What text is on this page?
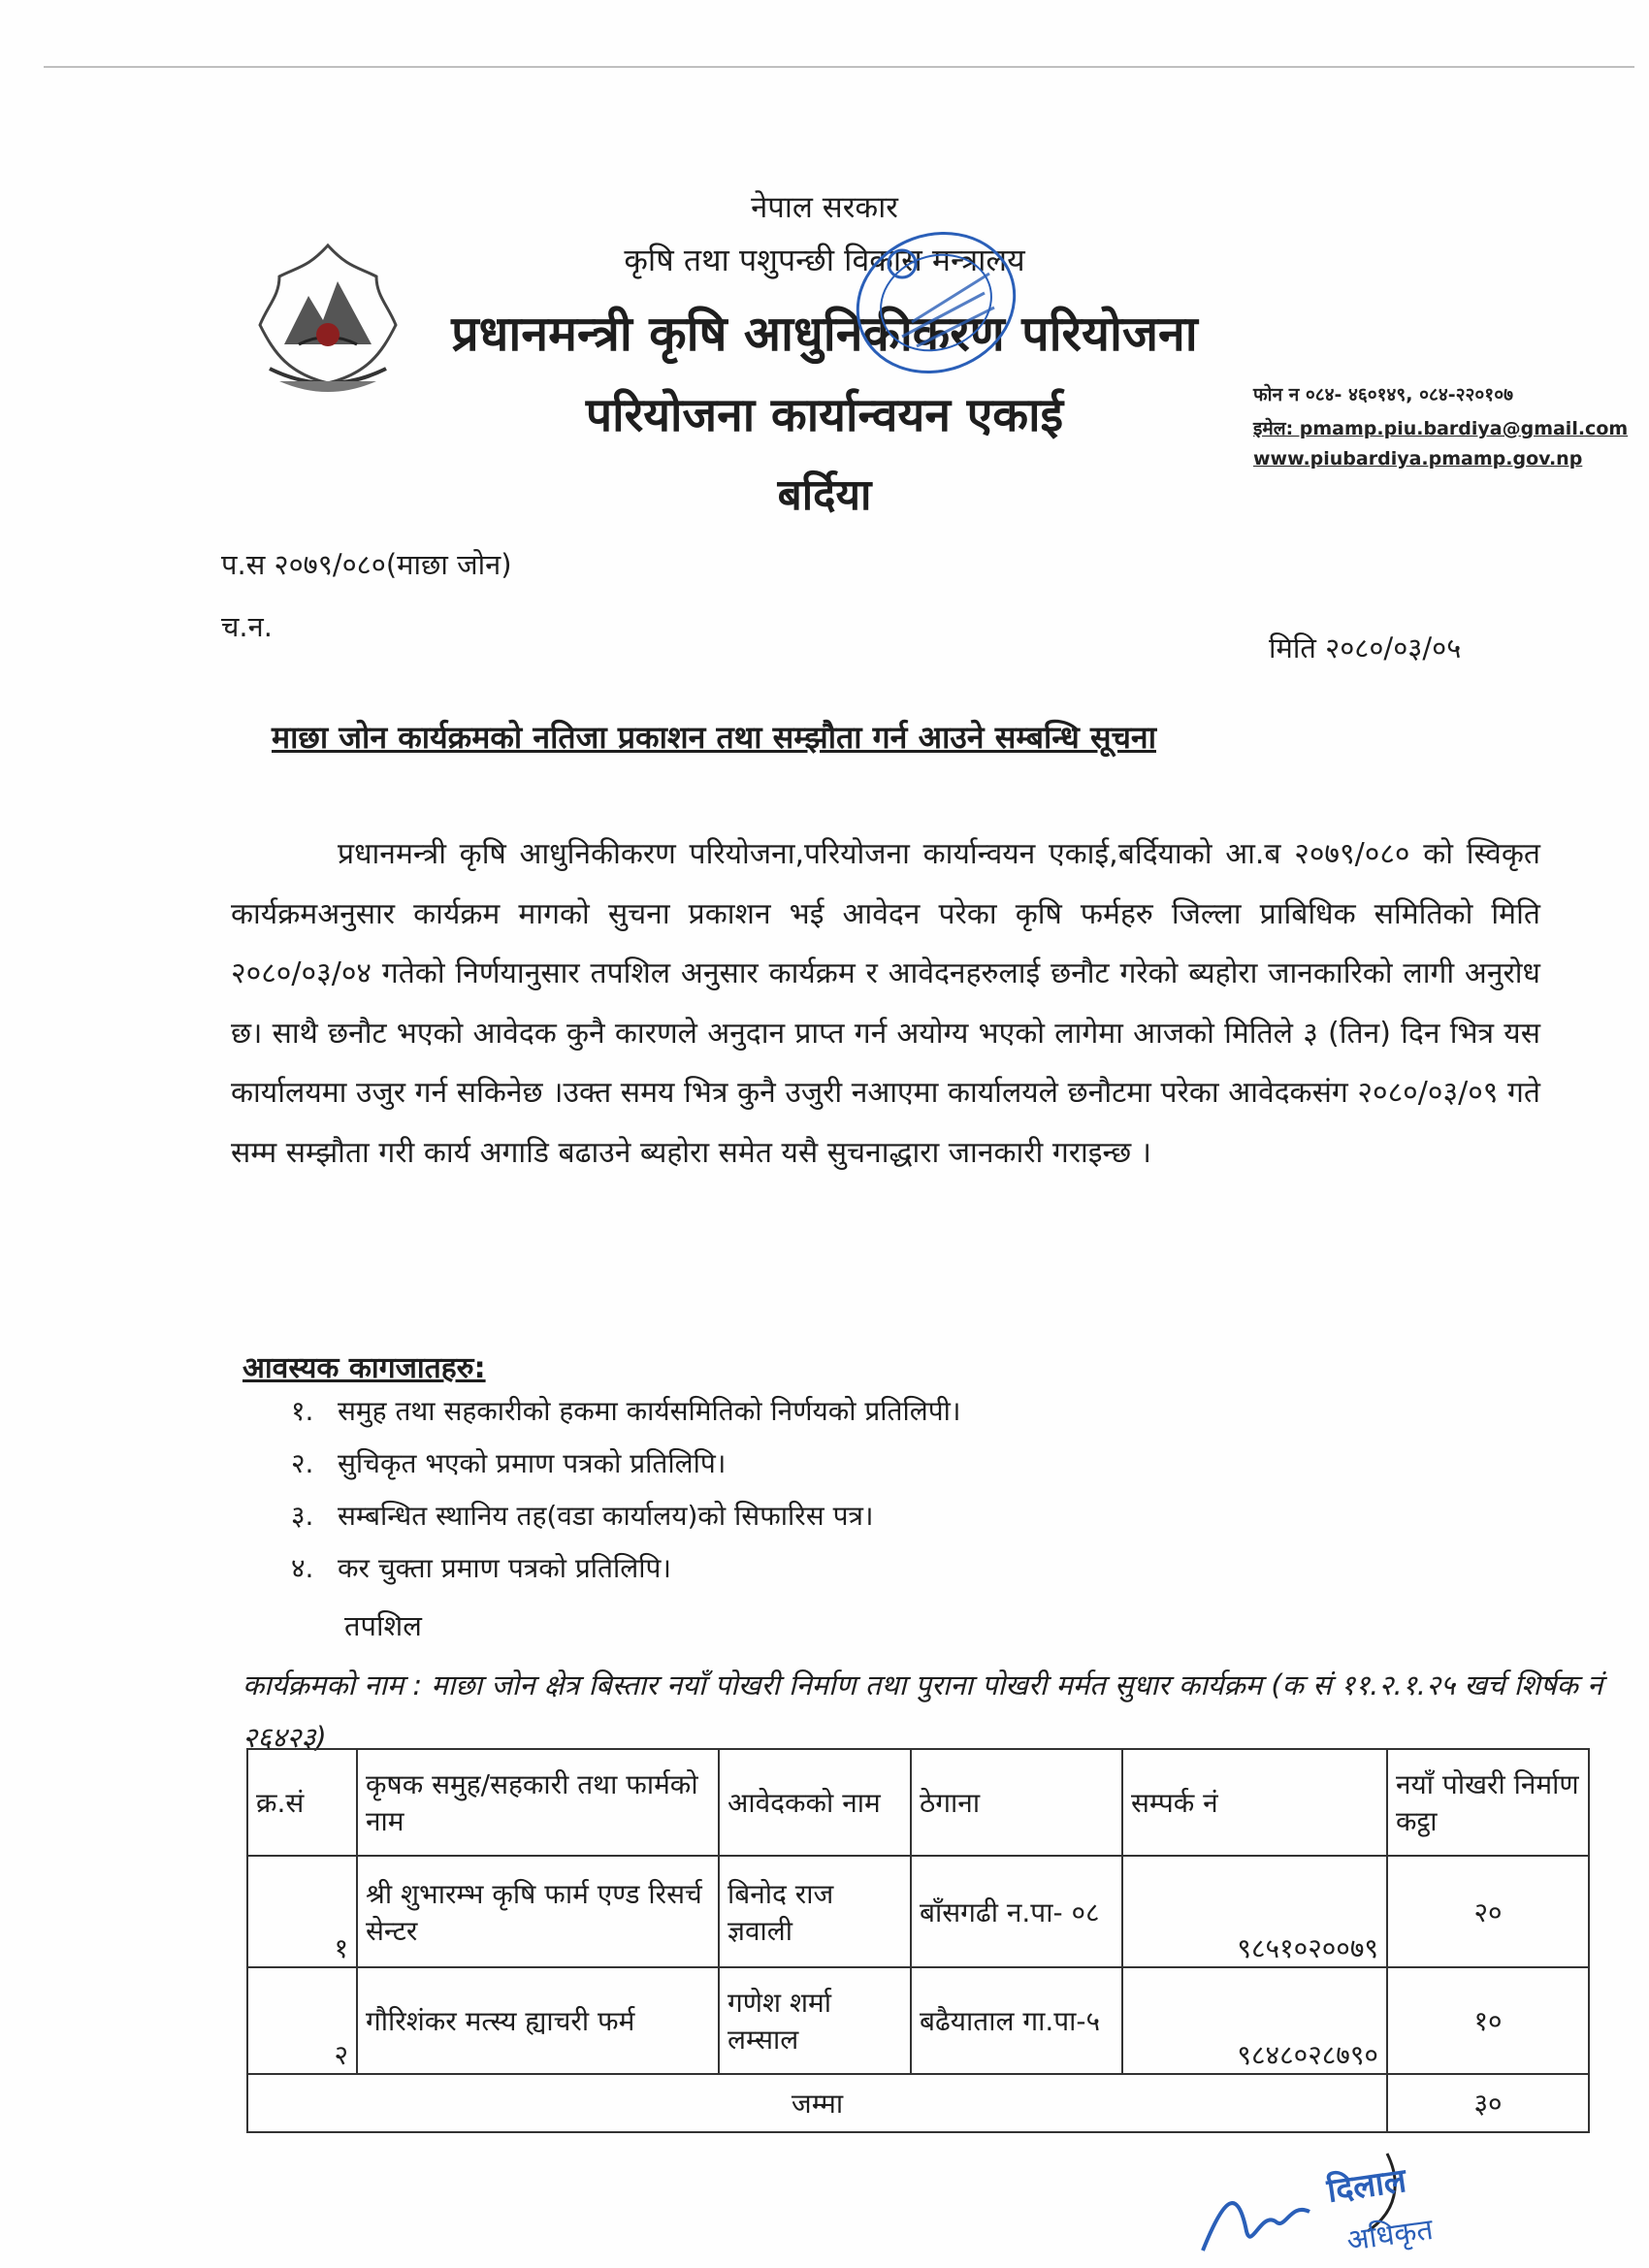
नेपाल सरकार
कृषि तथा पशुपन्छी विकास मन्त्रालय
प्रधानमन्त्री कृषि आधुनिकीकरण परियोजना
परियोजना कार्यान्वयन एकाई
बर्दिया
फोन न ०८४- ४६०१४९, ०८४-२२०१०७
इमेल: pmamp.piu.bardiya@gmail.com
www.piubardiya.pmamp.gov.np
प.स २०७९/०८०(माछा जोन)
च.न.
मिति २०८०/०३/०५
माछा जोन कार्यक्रमको नतिजा प्रकाशन तथा सम्झौता गर्न आउने सम्बन्धि सूचना
प्रधानमन्त्री कृषि आधुनिकीकरण परियोजना,परियोजना कार्यान्वयन एकाई,बर्दियाको आ.ब २०७९/०८० को स्विकृत कार्यक्रमअनुसार कार्यक्रम मागको सुचना प्रकाशन भई आवेदन परेका कृषि फर्महरु जिल्ला प्राबिधिक समितिको मिति २०८०/०३/०४ गतेको निर्णयानुसार तपशिल अनुसार कार्यक्रम र आवेदनहरुलाई छनौट गरेको ब्यहोरा जानकारिको लागी अनुरोध छ। साथै छनौट भएको आवेदक कुनै कारणले अनुदान प्राप्त गर्न अयोग्य भएको लागेमा आजको मितिले ३ (तिन) दिन भित्र यस कार्यालयमा उजुर गर्न सकिनेछ ।उक्त समय भित्र कुनै उजुरी नआएमा कार्यालयले छनौटमा परेका आवेदकसंग २०८०/०३/०९ गते सम्म सम्झौता गरी कार्य अगाडि बढाउने ब्यहोरा समेत यसै सुचनाद्धारा जानकारी गराइन्छ ।
आवस्यक कागजातहरु:
१. समुह तथा सहकारीको हकमा कार्यसमितिको निर्णयको प्रतिलिपी।
२. सुचिकृत भएको प्रमाण पत्रको प्रतिलिपि।
३. सम्बन्धित स्थानिय तह(वडा कार्यालय)को सिफारिस पत्र।
४. कर चुक्ता प्रमाण पत्रको प्रतिलिपि।
तपशिल
कार्यक्रमको नाम : माछा जोन क्षेत्र बिस्तार नयाँ पोखरी निर्माण तथा पुराना पोखरी मर्मत सुधार कार्यक्रम (क सं ११.२.१.२५ खर्च शिर्षक नं २६४२३)
क्र.सं	कृषक समुह/सहकारी तथा फार्मको नाम	आवेदकको नाम	ठेगाना	सम्पर्क नं	नयाँ पोखरी निर्माण कट्ठा
१	श्री शुभारम्भ कृषि फार्म एण्ड रिसर्च सेन्टर	बिनोद राज ज्ञवाली	बाँसगढी न.पा- ०८	९८५१०२००७९	२०
२	गौरिशंकर मत्स्य ह्याचरी फर्म	गणेश शर्मा लम्साल	बढैयाताल गा.पा-५	९८४८०२८७९०	१०
जम्मा					३०
दिलाल
अधिकृत
